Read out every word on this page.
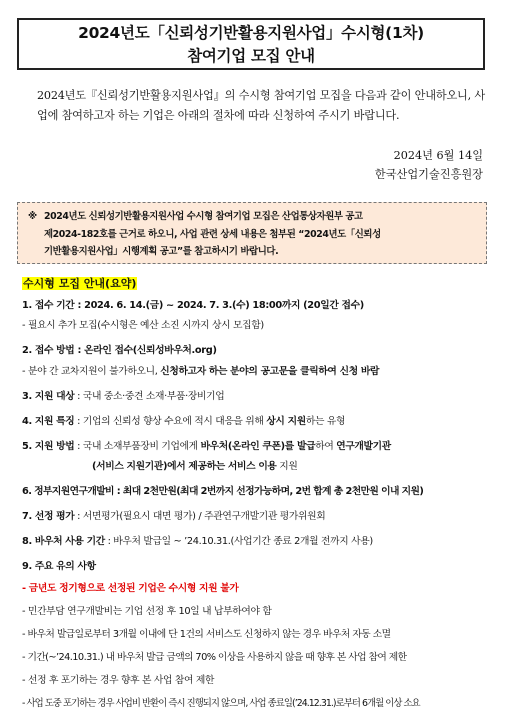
2024년도「신뢰성기반활용지원사업」수시형(1차)
참여기업 모집 안내
2024년도『신뢰성기반활용지원사업』의 수시형 참여기업 모집을 다음과 같이 안내하오니, 사업에 참여하고자 하는 기업은 아래의 절차에 따라 신청하여 주시기 바랍니다.
2024년 6월 14일
한국산업기술진흥원장
※ 2024년도 신뢰성기반활용지원사업 수시형 참여기업 모집은 산업통상자원부 공고
제2024-182호를 근거로 하오니, 사업 관련 상세 내용은 첨부된 “2024년도「신뢰성
기반활용지원사업」시행계획 공고”를 참고하시기 바랍니다.
수시형 모집 안내(요약)
1. 접수 기간 : 2024. 6. 14.(금) ~ 2024. 7. 3.(수) 18:00까지 (20일간 접수)
- 필요시 추가 모집(수시형은 예산 소진 시까지 상시 모집함)
2. 접수 방법 : 온라인 접수(신뢰성바우처.org)
- 분야 간 교차지원이 불가하오니, 신청하고자 하는 분야의 공고문을 클릭하여 신청 바람
3. 지원 대상 : 국내 중소·중견 소재·부품·장비기업
4. 지원 특징 : 기업의 신뢰성 향상 수요에 적시 대응을 위해 상시 지원하는 유형
5. 지원 방법 : 국내 소재부품장비 기업에게 바우처(온라인 쿠폰)를 발급하여 연구개발기관
(서비스 지원기관)에서 제공하는 서비스 이용 지원
6. 정부지원연구개발비 : 최대 2천만원(최대 2번까지 선정가능하며, 2번 합계 총 2천만원 이내 지원)
7. 선정 평가 : 서면평가(필요시 대면 평가) / 주관연구개발기관 평가위원회
8. 바우처 사용 기간 : 바우처 발급일 ~ ’24.10.31.(사업기간 종료 2개월 전까지 사용)
9. 주요 유의 사항
- 금년도 정기형으로 선정된 기업은 수시형 지원 불가
- 민간부담 연구개발비는 기업 선정 후 10일 내 납부하여야 함
- 바우처 발급일로부터 3개월 이내에 단 1건의 서비스도 신청하지 않는 경우 바우처 자동 소멸
- 기간(~’24.10.31.) 내 바우처 발급 금액의 70% 이상을 사용하지 않을 때 향후 본 사업 참여 제한
- 선정 후 포기하는 경우 향후 본 사업 참여 제한
- 사업 도중 포기하는 경우 사업비 반환이 즉시 진행되지 않으며, 사업 종료일(’24.12.31.)로부터 6개월 이상 소요
